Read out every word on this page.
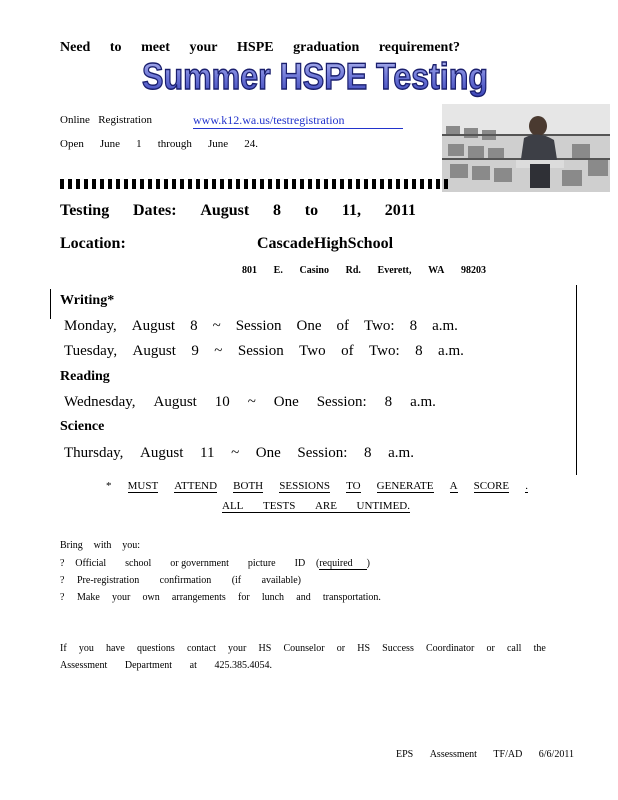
Need to meet your HSPE graduation requirement?
Summer HSPE Testing
Online Registration	www.k12.wa.us/testregistration
Open June 1 through June 24.
Testing Dates: August 8 to 11, 2011
Location:	CascadeHighSchool
801 E. Casino Rd. Everett, WA 98203
Writing*
Monday, August 8 ~ Session One of Two: 8 a.m.
Tuesday, August 9 ~ Session Two of Two: 8 a.m.
Reading
Wednesday, August 10 ~ One Session: 8 a.m.
Science
Thursday, August 11 ~ One Session: 8 a.m.
* MUST ATTEND BOTH SESSIONS TO GENERATE A SCORE .
ALL TESTS ARE UNTIMED.
Bring with you:
? Official school or government picture ID (required )
? Pre-registration confirmation (if available)
? Make your own arrangements for lunch and transportation.
If you have questions contact your HS Counselor or HS Success Coordinator or call the
Assessment Department at 425.385.4054.
EPS Assessment TF/AD 6/6/2011
